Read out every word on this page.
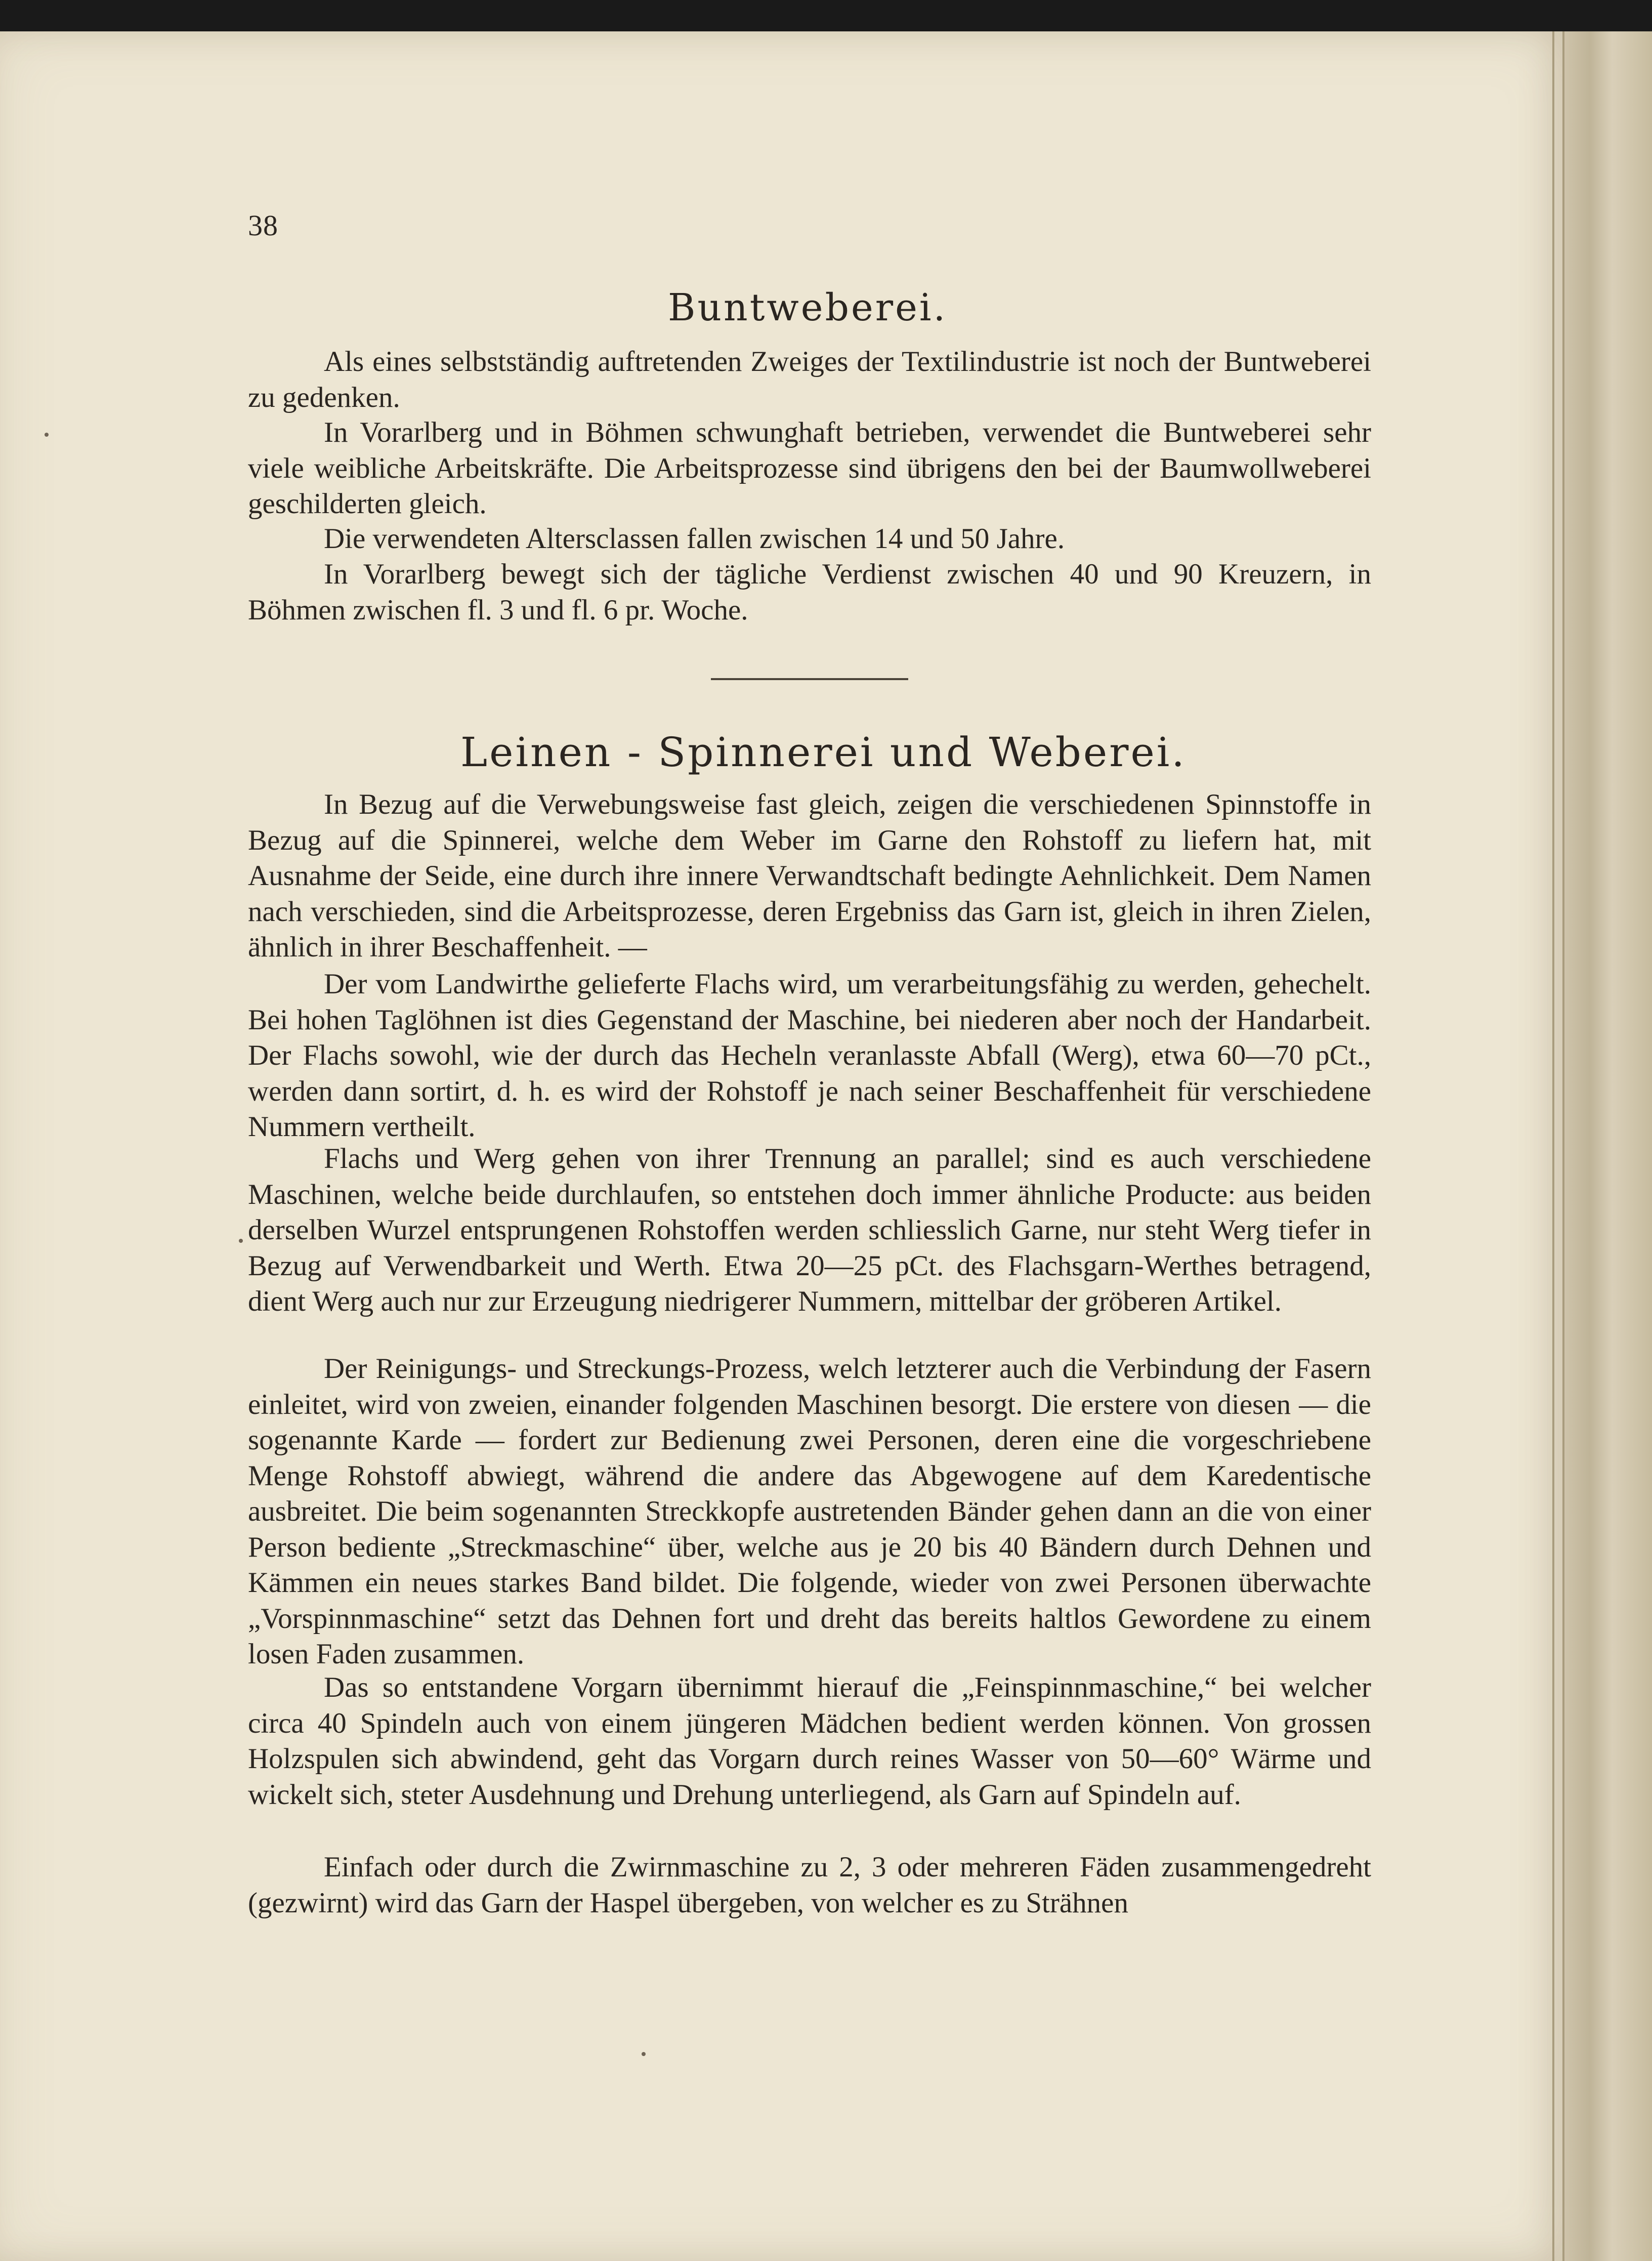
38
Buntweberei.

Als eines selbstständig auftretenden Zweiges der Textilindustrie ist noch der Buntweberei zu gedenken.

In Vorarlberg und in Böhmen schwunghaft betrieben, verwendet die Buntweberei sehr viele weibliche Arbeitskräfte. Die Arbeitsprozesse sind übrigens den bei der Baumwollweberei geschilderten gleich.

Die verwendeten Altersclassen fallen zwischen 14 und 50 Jahre.

In Vorarlberg bewegt sich der tägliche Verdienst zwischen 40 und 90 Kreuzern, in Böhmen zwischen fl. 3 und fl. 6 pr. Woche.

Leinen - Spinnerei und Weberei.

In Bezug auf die Verwebungsweise fast gleich, zeigen die verschiedenen Spinnstoffe in Bezug auf die Spinnerei, welche dem Weber im Garne den Rohstoff zu liefern hat, mit Ausnahme der Seide, eine durch ihre innere Verwandtschaft bedingte Aehnlichkeit. Dem Namen nach verschieden, sind die Arbeitsprozesse, deren Ergebniss das Garn ist, gleich in ihren Zielen, ähnlich in ihrer Beschaffenheit. —

Der vom Landwirthe gelieferte Flachs wird, um verarbeitungsfähig zu werden, gehechelt. Bei hohen Taglöhnen ist dies Gegenstand der Maschine, bei niederen aber noch der Handarbeit. Der Flachs sowohl, wie der durch das Hecheln veranlasste Abfall (Werg), etwa 60—70 pCt., werden dann sortirt, d. h. es wird der Rohstoff je nach seiner Beschaffenheit für verschiedene Nummern vertheilt.

Flachs und Werg gehen von ihrer Trennung an parallel; sind es auch verschiedene Maschinen, welche beide durchlaufen, so entstehen doch immer ähnliche Producte: aus beiden derselben Wurzel entsprungenen Rohstoffen werden schliesslich Garne, nur steht Werg tiefer in Bezug auf Verwendbarkeit und Werth. Etwa 20—25 pCt. des Flachsgarn-Werthes betragend, dient Werg auch nur zur Erzeugung niedrigerer Nummern, mittelbar der gröberen Artikel.

Der Reinigungs- und Streckungs-Prozess, welch letzterer auch die Verbindung der Fasern einleitet, wird von zweien, einander folgenden Maschinen besorgt. Die erstere von diesen — die sogenannte Karde — fordert zur Bedienung zwei Personen, deren eine die vorgeschriebene Menge Rohstoff abwiegt, während die andere das Abgewogene auf dem Karedentische ausbreitet. Die beim sogenannten Streckkopfe austretenden Bänder gehen dann an die von einer Person bediente „Streckmaschine“ über, welche aus je 20 bis 40 Bändern durch Dehnen und Kämmen ein neues starkes Band bildet. Die folgende, wieder von zwei Personen überwachte „Vorspinnmaschine“ setzt das Dehnen fort und dreht das bereits haltlos Gewordene zu einem losen Faden zusammen.

Das so entstandene Vorgarn übernimmt hierauf die „Feinspinnmaschine,“ bei welcher circa 40 Spindeln auch von einem jüngeren Mädchen bedient werden können. Von grossen Holzspulen sich abwindend, geht das Vorgarn durch reines Wasser von 50—60° Wärme und wickelt sich, steter Ausdehnung und Drehung unterliegend, als Garn auf Spindeln auf.

Einfach oder durch die Zwirnmaschine zu 2, 3 oder mehreren Fäden zusammengedreht (gezwirnt) wird das Garn der Haspel übergeben, von welcher es zu Strähnen
